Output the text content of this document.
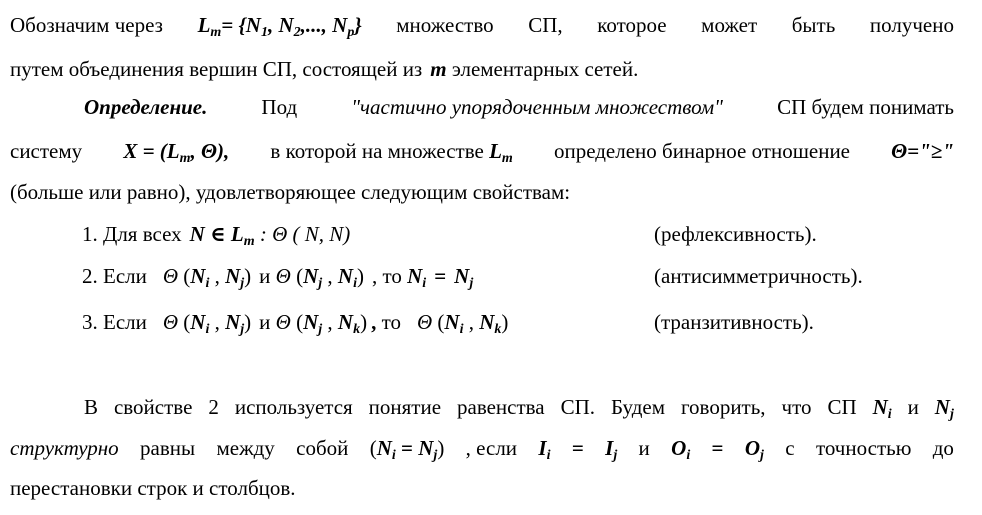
Обозначим через $L_m= \{N_1$, $N_2$,..., $N_p$} множество СП, которое может быть получено
путем объединения вершин СП, состоящей из m элементарных сетей.
Определение.	Под	"частично упорядоченным множеством"	СП будем понимать
систему $X = (L_m$, Θ), в которой на множестве $L_m$ определено бинарное отношение Θ="≥"
(больше или равно), удовлетворяющее следующим свойствам:
1. Для всех N ∈ $L_m$ : Θ ( N, N)	(рефлексивность).
2. Если Θ ($N_i$ , $N_j$) и Θ ($N_j$ , $N_i$) , то $N_i = N_j$	(антисимметричность).
3. Если Θ ($N_i$ , $N_j$) и Θ ($N_j$ , $N_k$) , то Θ ($N_i$ , $N_k$)	(транзитивность).
В свойстве 2 используется понятие равенства СП. Будем говорить, что СП $N_i$ и $N_j$
структурно равны между собой $(N_i = N_j)$ , если $I_i = I_j$ и $O_i = O_j$ с точностью до
перестановки строк и столбцов.
